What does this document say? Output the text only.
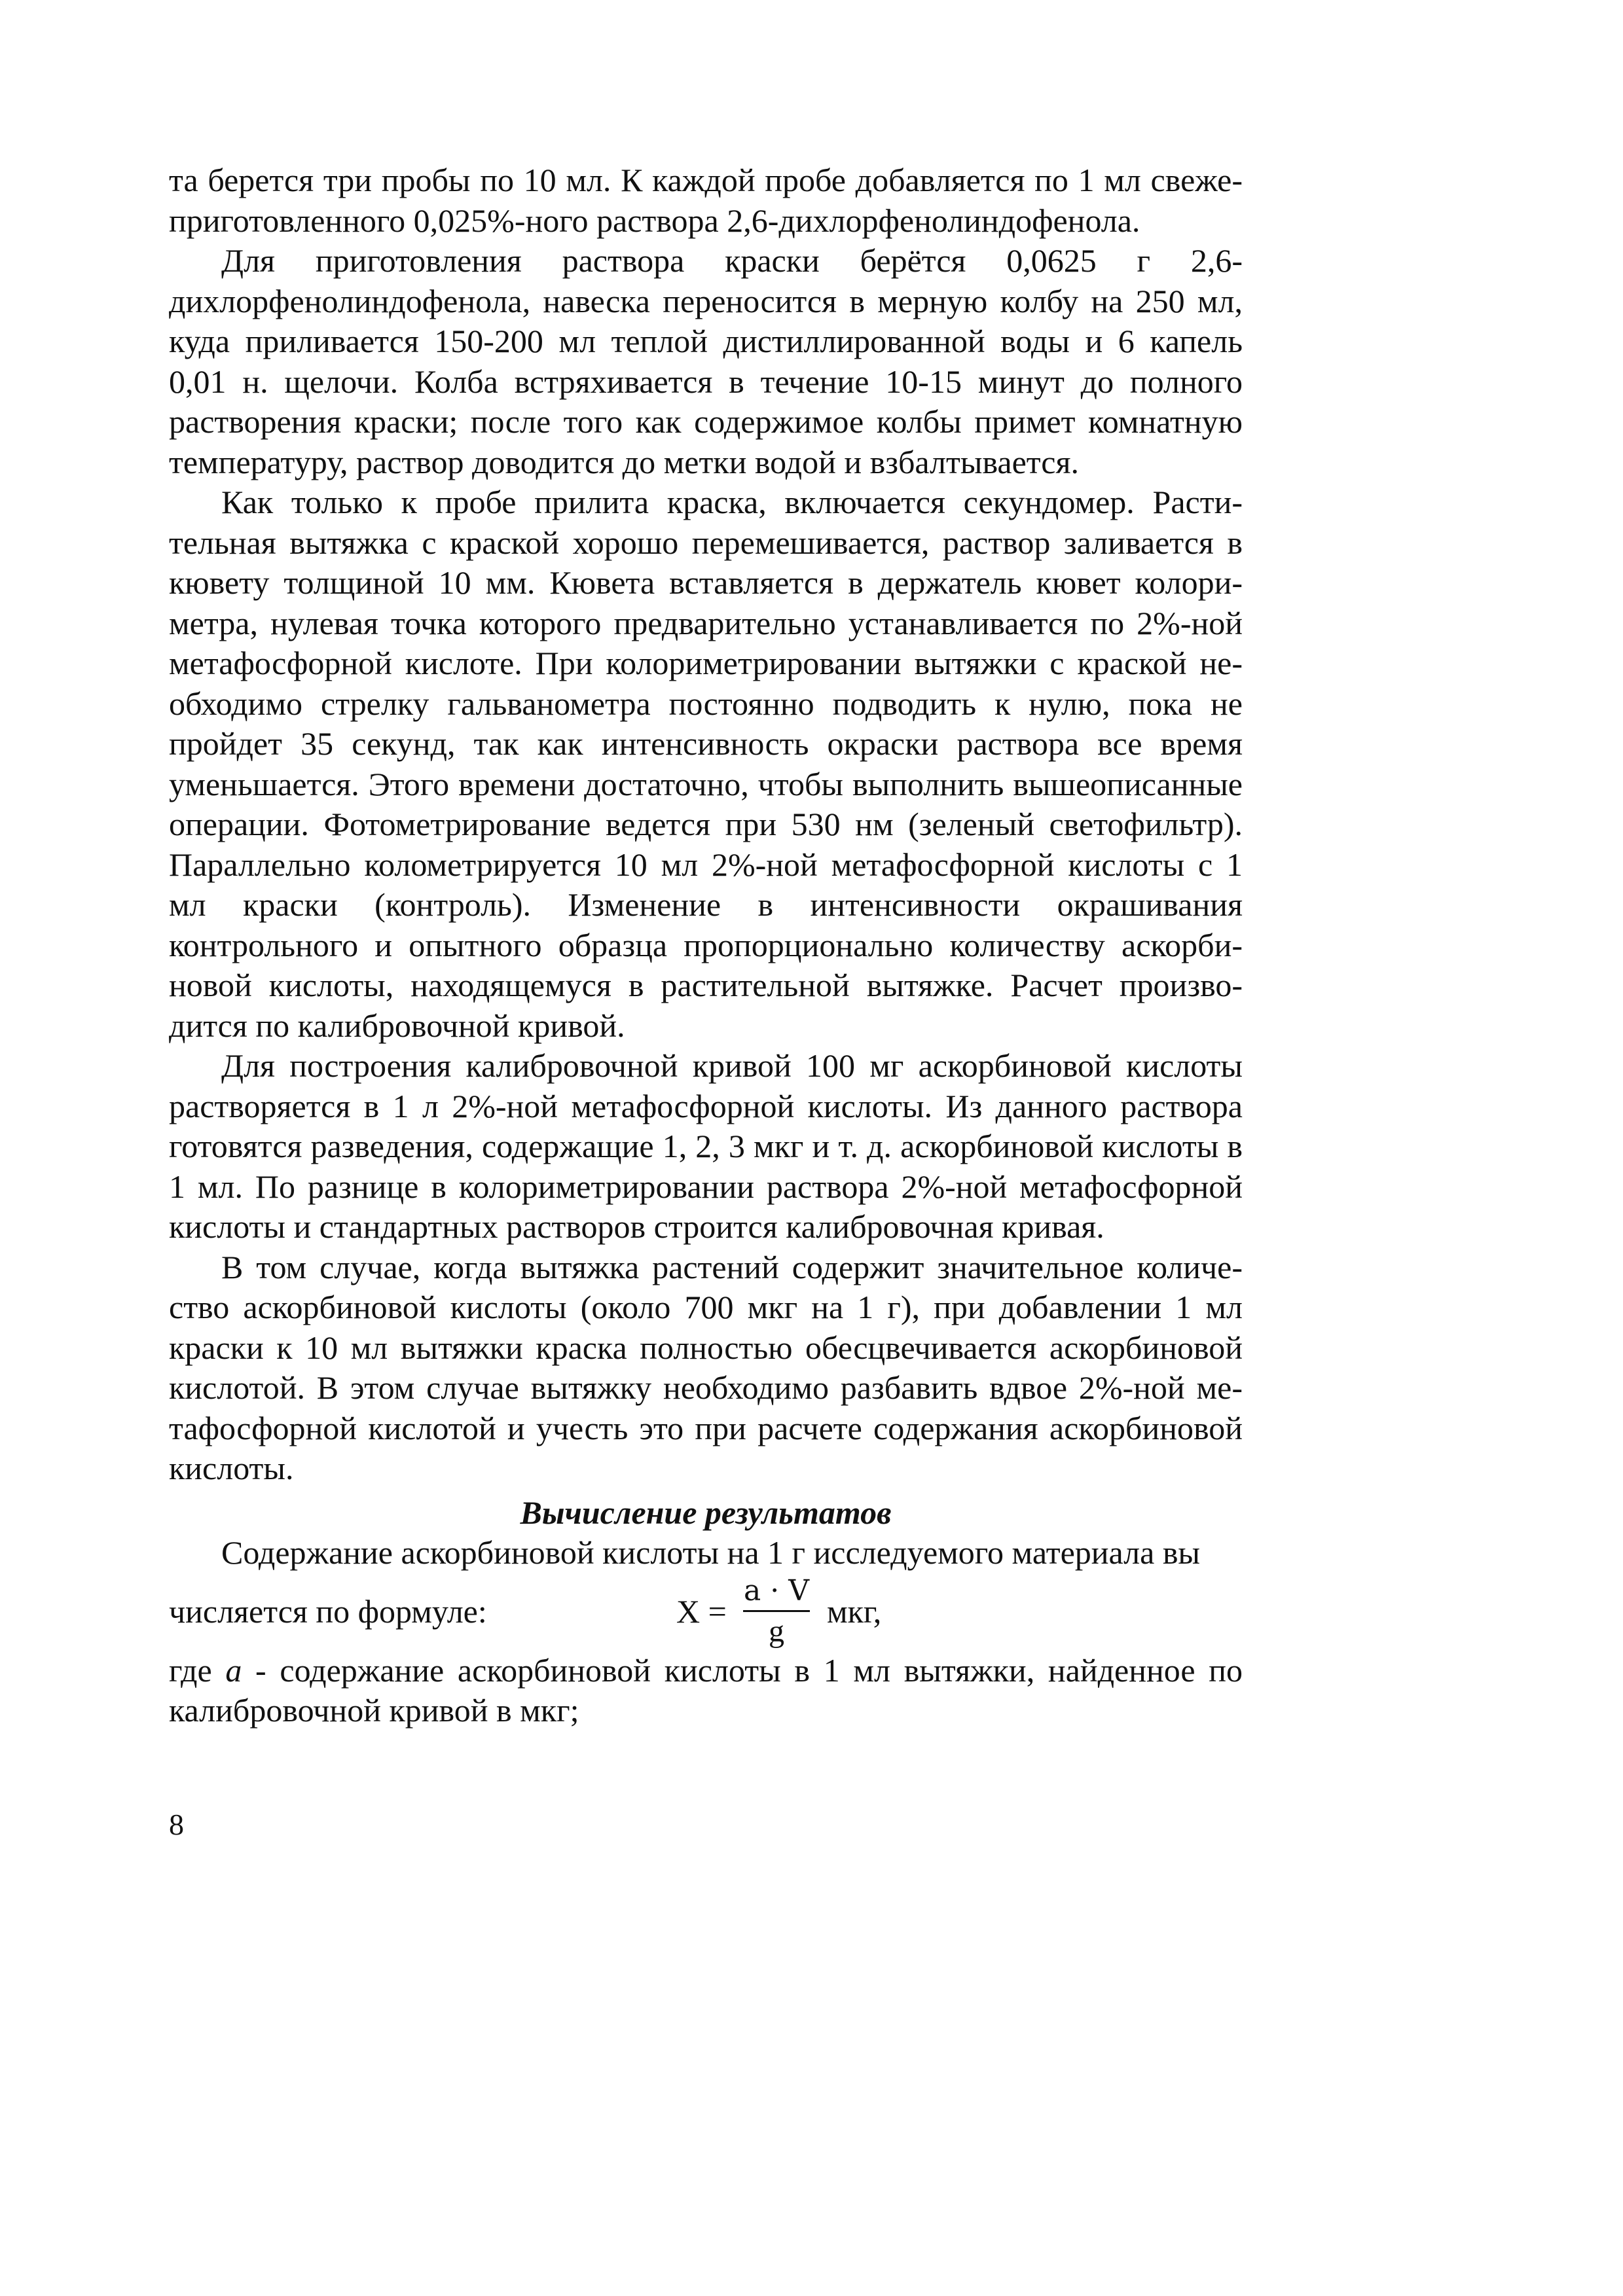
та берется три пробы по 10 мл. К каждой пробе добавляется по 1 мл свежеприготовленного 0,025%-ного раствора 2,6-дихлорфенолиндофенола.

Для приготовления раствора краски берётся 0,0625 г 2,6-дихлорфенолиндофенола, навеска переносится в мерную колбу на 250 мл, куда приливается 150-200 мл теплой дистиллированной воды и 6 капель 0,01 н. щелочи. Колба встряхивается в течение 10-15 минут до полного растворения краски; после того как содержимое колбы примет комнатную температуру, раствор доводится до метки водой и взбалтывается.

Как только к пробе прилита краска, включается секундомер. Растительная вытяжка с краской хорошо перемешивается, раствор заливается в кювету толщиной 10 мм. Кювета вставляется в держатель кювет колориметра, нулевая точка которого предварительно устанавливается по 2%-ной метафосфорной кислоте. При колориметрировании вытяжки с краской необходимо стрелку гальванометра постоянно подводить к нулю, пока не пройдет 35 секунд, так как интенсивность окраски раствора все время уменьшается. Этого времени достаточно, чтобы выполнить вышеописанные операции. Фотометрирование ведется при 530 нм (зеленый светофильтр). Параллельно колометрируется 10 мл 2%-ной метафосфорной кислоты с 1 мл краски (контроль). Изменение в интенсивности окрашивания контрольного и опытного образца пропорционально количеству аскорбиновой кислоты, находящемуся в растительной вытяжке. Расчет производится по калибровочной кривой.

Для построения калибровочной кривой 100 мг аскорбиновой кислоты растворяется в 1 л 2%-ной метафосфорной кислоты. Из данного раствора готовятся разведения, содержащие 1, 2, 3 мкг и т. д. аскорбиновой кислоты в 1 мл. По разнице в колориметрировании раствора 2%-ной метафосфорной кислоты и стандартных растворов строится калибровочная кривая.

В том случае, когда вытяжка растений содержит значительное количество аскорбиновой кислоты (около 700 мкг на 1 г), при добавлении 1 мл краски к 10 мл вытяжки краска полностью обесцвечивается аскорбиновой кислотой. В этом случае вытяжку необходимо разбавить вдвое 2%-ной метафосфорной кислотой и учесть это при расчете содержания аскорбиновой кислоты.

Вычисление результатов

Содержание аскорбиновой кислоты на 1 г исследуемого материала вы

числяется по формуле:	X =
a · V
g
мкг,

где a - содержание аскорбиновой кислоты в 1 мл вытяжки, найденное по калибровочной кривой в мкг;

8
